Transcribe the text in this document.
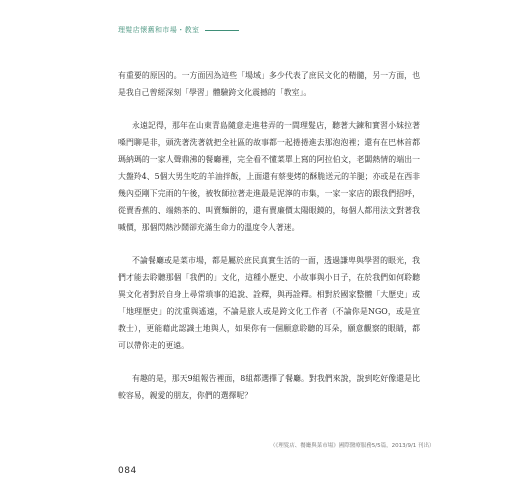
理髮店懷舊和市場・教室

有重要的原因的。一方面因為這些「場域」多少代表了庶民文化的精髓，另一方面，也是我自己曾經深刻「學習」體驗跨文化震撼的「教室」。

永遠記得，那年在山東青島隨意走進巷弄的一間理髮店，聽著大鍊和實習小妹拉著嗓門聊是非，頭洗著洗著就把全社區的故事都一起捲捲進去那泡泡裡；還有在巴林首都瑪納瑪的一家人聲鼎沸的餐廳裡，完全看不懂菜單上寫的阿拉伯文，老闆熱情的端出一大盤羚4、5個大男生吃的羊油拌飯，上面還有蔡斐烤的酥脆送元的羊腿；亦或是在西非幾內亞剛下完雨的午後，被牧師拉著走進最是泥濘的市集，一家一家店的跟我們招呼，從賣香蕉的、端熱茶的、叫賣麵餅的，還有賣廉價太陽眼鏡的，每個人都用法文對著我喊價，那個閃熱沙鬧卻充滿生命力的溫度令人著迷。

不論餐廳或是菜市場，都是屬於庶民真實生活的一面，透過謙卑與學習的眼光，我們才能去聆聽那個「我們的」文化，這種小歷史、小故事與小日子，在於我們如何聆聽異文化者對於自身上尋常瑣事的追說、詮釋，與再詮釋。相對於國家整體「大歷史」或「地理歷史」的沈重與遙遠，不論是旅人或是跨文化工作者（不論你是NGO，或是宣教士），更能藉此認識土地與人，如果你有一個願意聆聽的耳朵，願意觀察的眼睛，都可以帶你走的更遠。

有趣的是，那天9組報告裡面，8組都選擇了餐廳。對我們來說，說到吃好像還是比較容易，親愛的朋友，你們的選擇呢？

（《理髮店、餐廳與菜市場》國際醫療服務5/5篇，2013/9/1 刊出）
084
